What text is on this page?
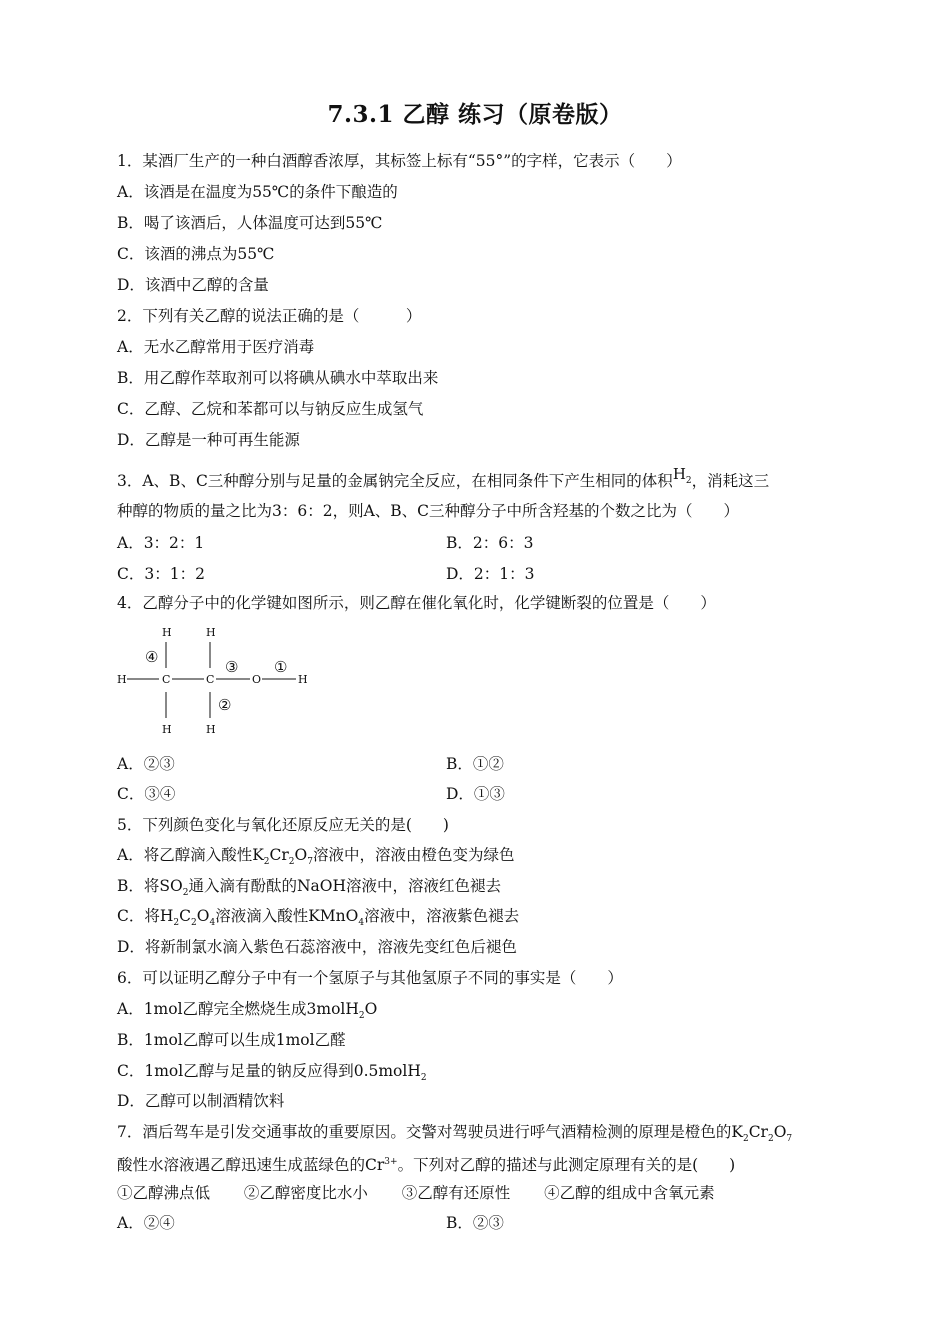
7.3.1 乙醇 练习（原卷版）
1．某酒厂生产的一种白酒醇香浓厚，其标签上标有“55°”的字样，它表示（　　）
A．该酒是在温度为55℃的条件下酿造的
B．喝了该酒后，人体温度可达到55℃
C．该酒的沸点为55℃
D．该酒中乙醇的含量
2．下列有关乙醇的说法正确的是（　　　）
A．无水乙醇常用于医疗消毒
B．用乙醇作萃取剂可以将碘从碘水中萃取出来
C．乙醇、乙烷和苯都可以与钠反应生成氢气
D．乙醇是一种可再生能源
3．A、B、C三种醇分别与足量的金属钠完全反应，在相同条件下产生相同的体积$H_2$，消耗这三
种醇的物质的量之比为3：6：2，则A、B、C三种醇分子中所含羟基的个数之比为（　　）
A．3：2：1	B．2：6：3
C．3：1：2	D．2：1：3
4．乙醇分子中的化学键如图所示，则乙醇在催化氧化时，化学键断裂的位置是（　　）
H	H
④
③ ①
②
H	C	C	O	H
H	H
A．②③	B．①②
C．③④	D．①③
5．下列颜色变化与氧化还原反应无关的是(　　)
A．将乙醇滴入酸性$K_2Cr_2O_7$溶液中，溶液由橙色变为绿色
B．将$SO_2$通入滴有酚酞的NaOH溶液中，溶液红色褪去
C．将$H_2C_2O_4$溶液滴入酸性KMnO$_4$溶液中，溶液紫色褪去
D．将新制氯水滴入紫色石蕊溶液中，溶液先变红色后褪色
6．可以证明乙醇分子中有一个氢原子与其他氢原子不同的事实是（　　）
A．1mol乙醇完全燃烧生成3molH$_2$O
B．1mol乙醇可以生成1mol乙醛
C．1mol乙醇与足量的钠反应得到0.5molH$_2$
D．乙醇可以制酒精饮料
7．酒后驾车是引发交通事故的重要原因。交警对驾驶员进行呼气酒精检测的原理是橙色的$K_2Cr_2O_7$
酸性水溶液遇乙醇迅速生成蓝绿色的$Cr^{3+}$。下列对乙醇的描述与此测定原理有关的是(　　)
①乙醇沸点低 ②乙醇密度比水小 ③乙醇有还原性 ④乙醇的组成中含氧元素
A．②④	B．②③
